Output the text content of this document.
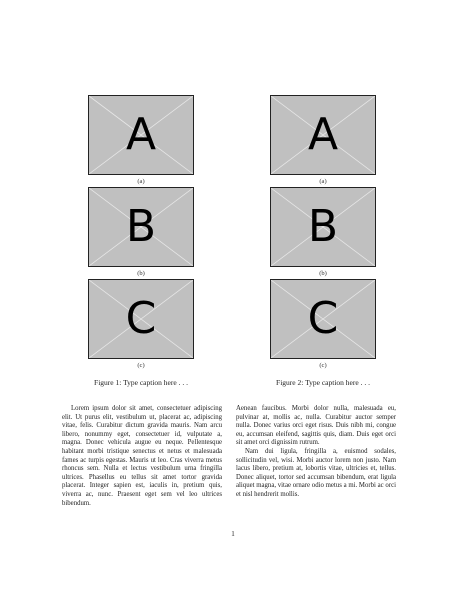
A
(a)
B
(b)
C
(c)
Figure 1: Type caption here . . .
A
(a)
B
(b)
C
(c)
Figure 2: Type caption here . . .

Lorem ipsum dolor sit amet, consectetuer adipiscing elit. Ut purus elit, vestibulum ut, placerat ac, adipiscing vitae, felis. Curabitur dictum gravida mauris. Nam arcu libero, nonummy eget, consectetuer id, vulputate a, magna. Donec vehicula augue eu neque. Pellentesque habitant morbi tristique senectus et netus et malesuada fames ac turpis egestas. Mauris ut leo. Cras viverra metus rhoncus sem. Nulla et lectus vestibulum urna fringilla ultrices. Phasellus eu tellus sit amet tortor gravida placerat. Integer sapien est, iaculis in, pretium quis, viverra ac, nunc. Praesent eget sem vel leo ultrices bibendum.

Aenean faucibus. Morbi dolor nulla, malesuada eu, pulvinar at, mollis ac, nulla. Curabitur auctor semper nulla. Donec varius orci eget risus. Duis nibh mi, congue eu, accumsan eleifend, sagittis quis, diam. Duis eget orci sit amet orci dignissim rutrum.

Nam dui ligula, fringilla a, euismod sodales, sollicitudin vel, wisi. Morbi auctor lorem non justo. Nam lacus libero, pretium at, lobortis vitae, ultricies et, tellus. Donec aliquet, tortor sed accumsan bibendum, erat ligula aliquet magna, vitae ornare odio metus a mi. Morbi ac orci et nisl hendrerit mollis.

1
